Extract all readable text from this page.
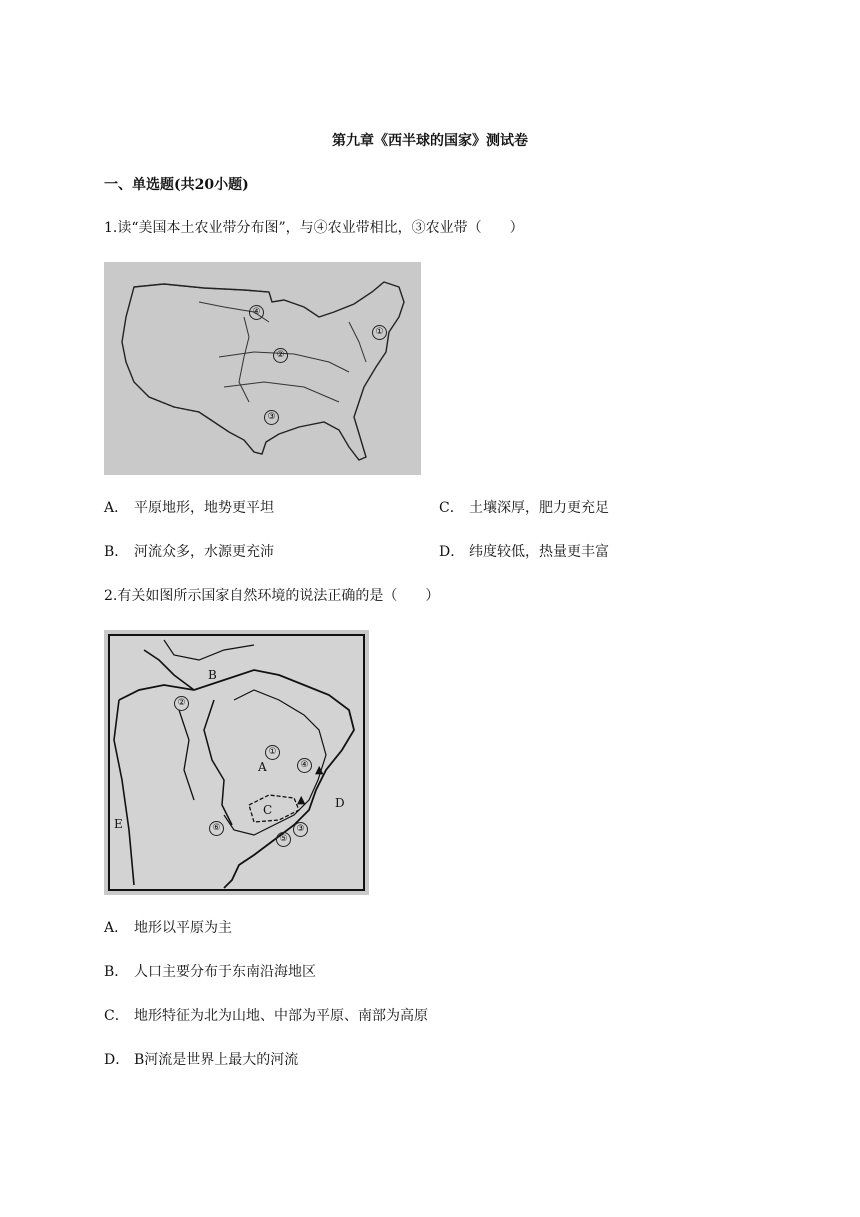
第九章《西半球的国家》测试卷
一、单选题(共20小题)
1.读“美国本土农业带分布图”，与④农业带相比，③农业带（　　）
④
②
①
③
A． 平原地形，地势更平坦	C． 土壤深厚，肥力更充足
B． 河流众多，水源更充沛	D． 纬度较低，热量更丰富
2.有关如图所示国家自然环境的说法正确的是（　　）
B
②
①
A	④ ▲
▲ D
C
E	⑥
⑤
③
A． 地形以平原为主
B． 人口主要分布于东南沿海地区
C． 地形特征为北为山地、中部为平原、南部为高原
D． B河流是世界上最大的河流
